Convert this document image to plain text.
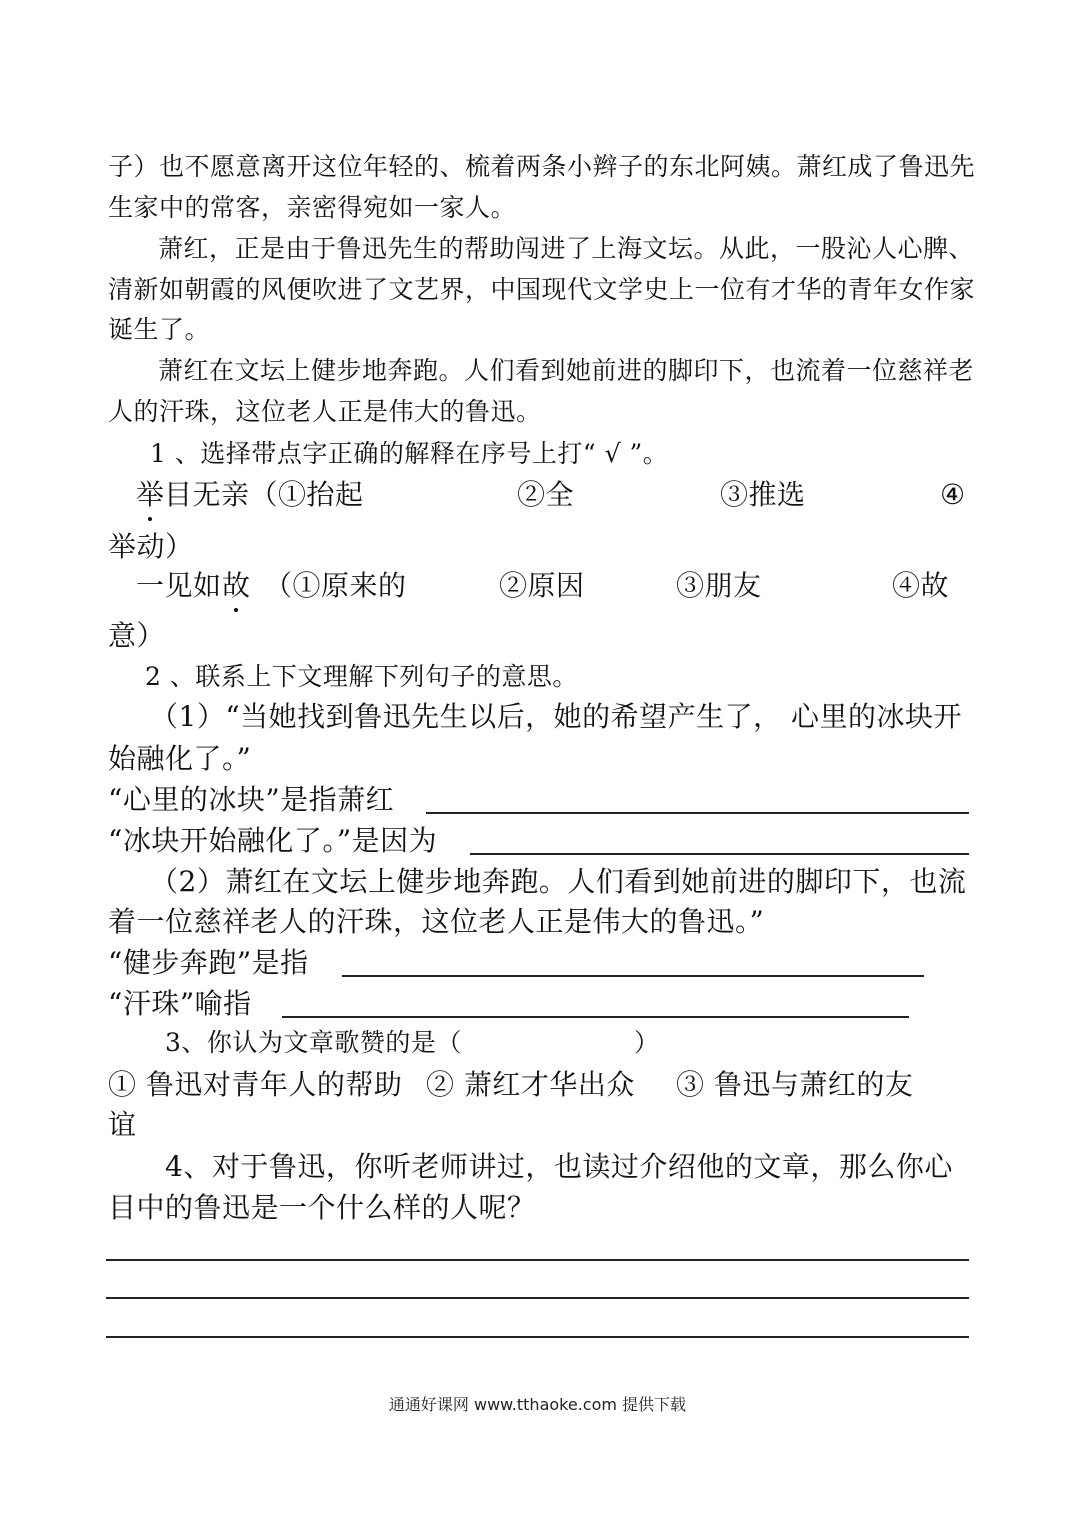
子）也不愿意离开这位年轻的、梳着两条小辫子的东北阿姨。萧红成了鲁迅先
生家中的常客，亲密得宛如一家人。
萧红，正是由于鲁迅先生的帮助闯进了上海文坛。从此，一股沁人心脾、
清新如朝霞的风便吹进了文艺界，中国现代文学史上一位有才华的青年女作家
诞生了。
萧红在文坛上健步地奔跑。人们看到她前进的脚印下，也流着一位慈祥老
人的汗珠，这位老人正是伟大的鲁迅。
1 、选择带点字正确的解释在序号上打“ √ ”。
举 目无亲（①抬起	②全	③推选	④
举动）
一见如 故 （①原来的	②原因	③朋友	④故
意）
2 、联系上下文理解下列句子的意思。
（1）“当她找到鲁迅先生以后，她的希望产生了， 心里的冰块开
始融化了。”
“心里的冰块”是指萧红
“冰块开始融化了。”是因为
（2）萧红在文坛上健步地奔跑。人们看到她前进的脚印下，也流
着一位慈祥老人的汗珠，这位老人正是伟大的鲁迅。”
“健步奔跑”是指
“汗珠”喻指
3、你认为文章歌赞的是（	）
① 鲁迅对青年人的帮助 ② 萧红才华出众 ③ 鲁迅与萧红的友
谊
4、对于鲁迅，你听老师讲过，也读过介绍他的文章，那么你心
目中的鲁迅是一个什么样的人呢？
通通好课网 www.tthaoke.com 提供下载
